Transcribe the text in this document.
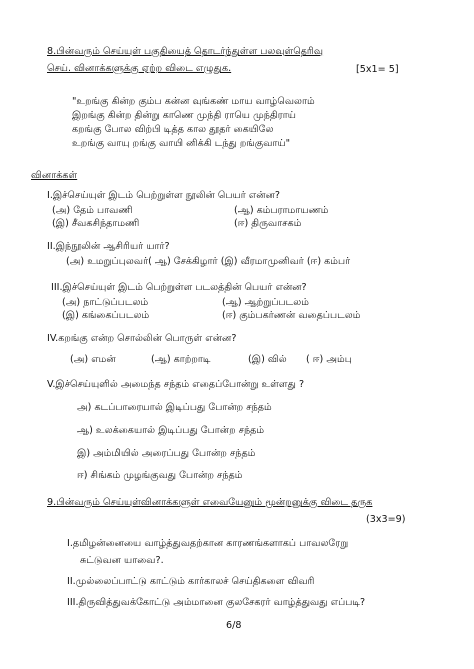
8.பின்வரும் செய்யுள் பகுதியைத் தொடர்ந்துள்ள பலவுள்தெரிவு
செய். வினாக்களுக்கு ஏற்ற விடை எழுதுக.	[5x1= 5]
"உறங்கு கின்ற கும்ப கன்ன வுங்கண் மாய வாழ்வெலாம்
இறங்கு கின்ற தின்று காணெ முந்தி ராயெ முந்திராய்
கறங்கு போல விற்பி டித்த கால தூதர் கையிலே
உறங்கு வாயு றங்கு வாயி னிக்கி டந்து றங்குவாய்"
வினாக்கள்
I.இச்செய்யுள் இடம் பெற்றுள்ள நூலின் பெயர் என்ன?
(அ) தேம் பாவணி	(ஆ) கம்பராமாயணம்
(இ) சீவகசிந்தாமணி	(ஈ) திருவாசகம்
II.இந்நூலின் ஆசிரியர் யார்?
(அ) உமறுப்புலவர்( ஆ) சேக்கிழார் (இ) வீரமாமுனிவர் (ஈ) கம்பர்
III.இச்செய்யுள் இடம் பெற்றுள்ள படலத்தின் பெயர் என்ன?
(அ) நாட்டுப்படலம்	(ஆ) ஆற்றுப்படலம்
(இ) கங்கைப்படலம்	(ஈ) கும்பகர்ணன் வதைப்படலம்
IV.கறங்கு என்ற சொல்லின் பொருள் என்ன?
(அ) எமன்	(ஆ) காற்றாடி	(இ) வில் ( ஈ) அம்பு
V.இச்செய்யுளில் அமைந்த சந்தம் எதைப்போன்று உள்ளது ?
அ) கடப்பாரையால் இடிப்பது போன்ற சந்தம்
ஆ) உலக்கையால் இடிப்பது போன்ற சந்தம்
இ) அம்மியில் அரைப்பது போன்ற சந்தம்
ஈ) சிங்கம் முழங்குவது போன்ற சந்தம்
9.பின்வரும் செய்யுள்வினாக்களுள் எவையேனும் மூன்றனுக்கு விடை தருக
(3x3=9)
I.தமிழன்னையை வாழ்த்துவதற்கான காரணங்களாகப் பாவலரேறு
சுட்டுவன யாவை?.
II.முல்லைப்பாட்டு காட்டும் கார்காலச் செய்திகளை விவரி
III.திருவித்துவக்கோட்டு அம்மானை குலசேகரர் வாழ்த்துவது எப்படி?
6/8
